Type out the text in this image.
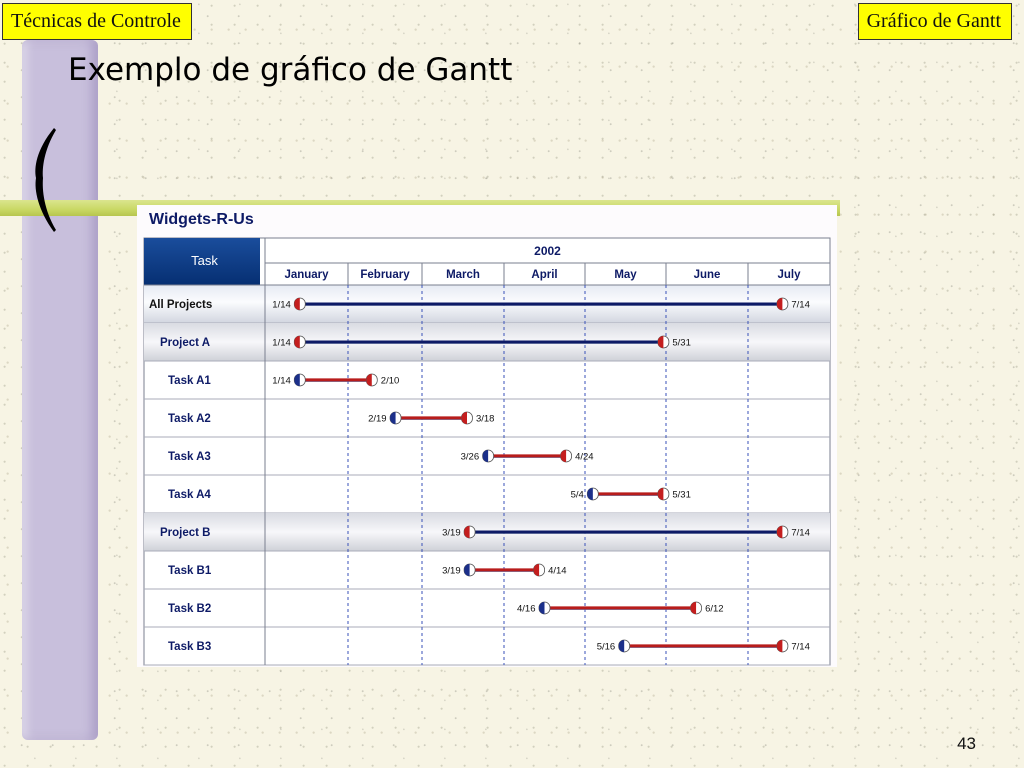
Técnicas de Controle	Gráfico de Gantt
Exemplo de gráfico de Gantt
Widgets-R-Us
Task
2002
January	February	March	April	May	June	July
All Projects	1/14	7/14
Project A	1/14	5/31
Task A1	1/14	2/10
Task A2	2/19	3/18
Task A3	3/26	4/24
Task A4	5/4	5/31
Project B	3/19	7/14
Task B1	3/19	4/14
Task B2	4/16	6/12
Task B3	5/16	7/14
43
